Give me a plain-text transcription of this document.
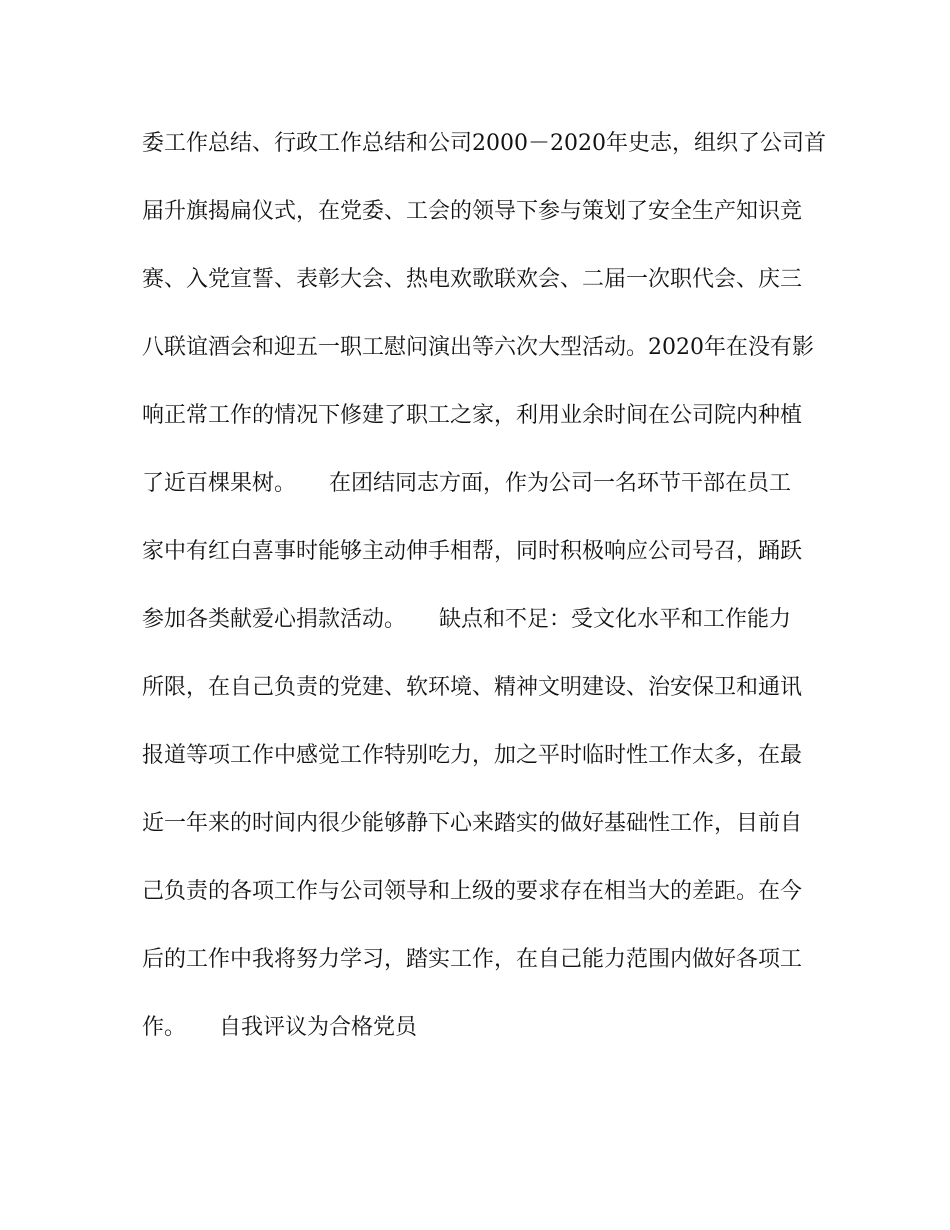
委工作总结、行政工作总结和公司2000－2020年史志，组织了公司首
届升旗揭扁仪式，在党委、工会的领导下参与策划了安全生产知识竞
赛、入党宣誓、表彰大会、热电欢歌联欢会、二届一次职代会、庆三
八联谊酒会和迎五一职工慰问演出等六次大型活动。2020年在没有影
响正常工作的情况下修建了职工之家，利用业余时间在公司院内种植
了近百棵果树。　　在团结同志方面，作为公司一名环节干部在员工
家中有红白喜事时能够主动伸手相帮，同时积极响应公司号召，踊跃
参加各类献爱心捐款活动。　　缺点和不足：受文化水平和工作能力
所限，在自己负责的党建、软环境、精神文明建设、治安保卫和通讯
报道等项工作中感觉工作特别吃力，加之平时临时性工作太多，在最
近一年来的时间内很少能够静下心来踏实的做好基础性工作，目前自
己负责的各项工作与公司领导和上级的要求存在相当大的差距。在今
后的工作中我将努力学习，踏实工作，在自己能力范围内做好各项工
作。　　自我评议为合格党员
